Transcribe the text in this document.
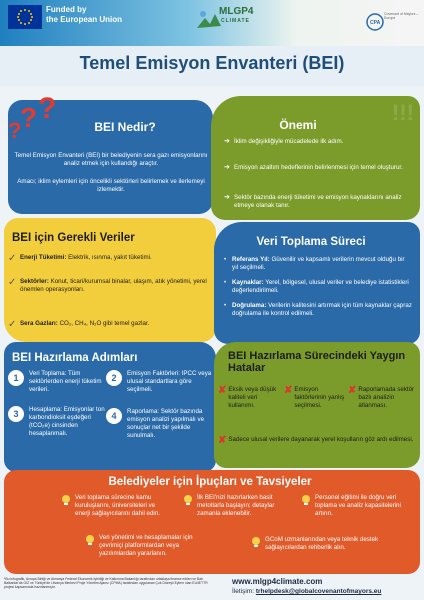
Funded by
the European Union
MLGP4
CLIMATE	CPA
Covenant of Mayors – Europe
Temel Emisyon Envanteri (BEI)
? ?
?	BEI Nedir?
Temel Emisyon Envanteri (BEI) bir belediyenin sera gazı emisyonlarını analiz etmek için kullandığı araçtır.
Amacı; iklim eylemleri için öncelikli sektörleri belirlemek ve ilerlemeyi izlemektir.
!!!
Önemi
➔ İklim değişikliğiyle mücadelede ilk adım.
➔ Emisyon azaltım hedeflerinin belirlenmesi için temel oluşturur.
➔ Sektör bazında enerji tüketimi ve emisyon kaynaklarını analiz etmeye olanak tanır.
BEI için Gerekli Veriler
✓ Enerji Tüketimi: Elektrik, ısınma, yakıt tüketimi.
✓ Sektörler: Konut, ticari/kurumsal binalar, ulaşım, atık yönetimi, yerel önemlen operasyonları.
✓ Sera Gazları: CO₂, CH₄, N₂O gibi temel gazlar.
Veri Toplama Süreci
• Referans Yıl: Güvenilir ve kapsamlı verilerin mevcut olduğu bir yıl seçilmeli.
• Kaynaklar: Yerel, bölgesel, ulusal veriler ve belediye istatistikleri değerlendirilmeli.
• Doğrulama: Verilerin kalitesini artırmak için tüm kaynaklar çapraz doğrulama ile kontrol edilmeli.
BEI Hazırlama Adımları
1	Veri Toplama: Tüm sektörlerden enerji tüketim verileri.
2	Emisyon Faktörleri: IPCC veya ulusal standartlara göre seçilmeli.
3	Hesaplama: Emisyonlar ton karbondioksit eşdeğeri (tCO₂e) cinsinden hesaplanmalı.
4	Raporlama: Sektör bazında emisyon analizi yapılmalı ve sonuçlar net bir şekilde sunulmalı.
BEI Hazırlama Sürecindeki Yaygın Hatalar
✘ Eksik veya düşük kaliteli veri kullanımı.
✘ Emisyon faktörlerinin yanlış seçilmesi.
✘ Raporlamada sektör bazlı analizin atlanması.
✘ Sadece ulusal verilere dayanarak yerel koşulların göz ardı edilmesi.
Belediyeler için İpuçları ve Tavsiyeler
Veri toplama sürecine kamu kuruluşlarını, üniversiteleri ve enerji sağlayıcılarını dahil edin.
İlk BEI'nizi hazırlarken basit metotlarla başlayın; detaylar zamanla eklenebilir.
Personel eğitimi ile doğru veri toplama ve analiz kapasitelerini artırın.
Veri yönetimi ve hesaplamalar için çevrimiçi platformlardan veya yazılımlardan yararlanın.
GCoM uzmanlarından veya teknik destek sağlayıcılardan rehberlik alın.
*Bu infografik, Avrupa Birliği ve Almanya Federal Ekonomik İşbirliği ve Kalkınma Bakanlığı tarafından ortaklaşa finanse edilen ve Batı Balkanlar'da GIZ ve Türkiye'de Litvanya Merkezi Proje Yönetim Ajansı (CPMA) tarafından uygulanan Çok Düzeyli Eylem olan EU4ETTR projesi kapsamında hazırlanmıştır.
www.mlgp4climate.com
İletişim: trhelpdesk@globalcovenantofmayors.eu
